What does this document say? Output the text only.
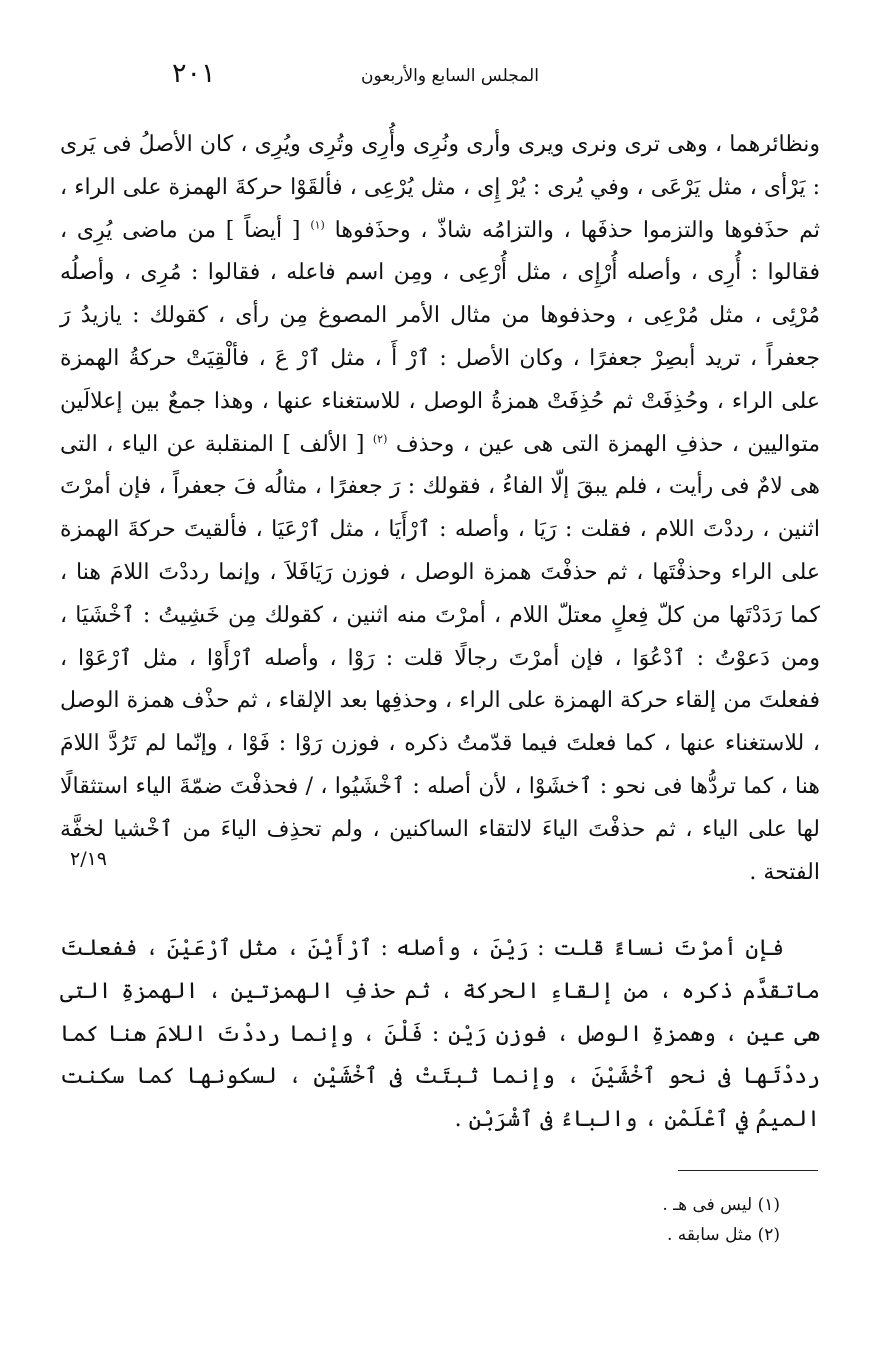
٢٠١	المجلس السابع والأربعون

ونظائرهما ، وهى ترى ونرى ويرى وأرى ونُرِى وأُرِى وتُرِى ويُرِى ، كان الأصلُ فى يَرى : يَرْأى ، مثل يَرْعَى ، وفي يُرى : يُرْ إِى ، مثل يُرْعِى ، فألقَوْا حركةَ الهمزة على الراء ، ثم حذَفوها والتزموا حذفَها ، والتزامُه شاذّ ، وحذَفوها $^{(١)}$ [ أيضاً ] من ماضى يُرِى ، فقالوا : أُرِى ، وأصله أُرْإِى ، مثل أُرْعِى ، ومِن اسم فاعله ، فقالوا : مُرِى ، وأصلُه مُرْئِى ، مثل مُرْعِى ، وحذفوها من مثال الأمر المصوغ مِن رأى ، كقولك : يازيدُ رَ جعفراً ، تريد أبصِرْ جعفرًا ، وكان الأصل : ٱرْ أَ ، مثل ٱرْ عَ ، فألْقِيَتْ حركةُ الهمزة على الراء ، وحُذِفَتْ ثم حُذِفَتْ همزةُ الوصل ، للاستغناء عنها ، وهذا جمعٌ بين إعلالَين متواليين ، حذفِ الهمزة التى هى عين ، وحذف $^{(٢)}$ [ الألف ] المنقلبة عن الياء ، التى هى لامٌ فى رأيت ، فلم يبقَ إلّا الفاءُ ، فقولك : رَ جعفرًا ، مثالُه فَ جعفراً ، فإن أمرْتَ اثنين ، رددْتَ اللام ، فقلت : رَيَا ، وأصله : ٱرْأَيَا ، مثل ٱرْعَيَا ، فألقيتَ حركةَ الهمزة على الراء وحذفْتَها ، ثم حذفْتَ همزة الوصل ، فوزن رَيَافَلاَ ، وإنما رددْتَ اللامَ هنا ، كما رَدَدْتَها من كلّ فِعلٍ معتلّ اللام ، أمرْتَ منه اثنين ، كقولك مِن خَشِيتُ : ٱخْشَيَا ، ومن دَعوْتُ : ٱدْعُوَا ، فإن أمرْتَ رجالًا قلت : رَوْا ، وأصله ٱرْأَوْا ، مثل ٱرْعَوْا ، ففعلتَ من إلقاء حركة الهمزة على الراء ، وحذفِها بعد الإلقاء ، ثم حذْف همزة الوصل ، للاستغناء عنها ، كما فعلتَ فيما قدّمتُ ذكره ، فوزن رَوْا : فَوْا ، وإنّما لم تَرُدَّ اللامَ هنا ، كما تردُّها فى نحو : ٱخشَوْا ، لأن أصله : ٱخْشَيُوا ، / فحذفْتَ ضمّةَ الياء استثقالًا لها على الياء ، ثم حذفْتَ الياءَ لالتقاء الساكنين ، ولم تحذِف الياءَ من ٱخْشيا لخفَّة الفتحة .

٢/١٩

فإن أمرْتَ نساءً قلت : رَيْنَ ، وأصله : ٱرْأَيْنَ ، مثل ٱرْعَيْنَ ، ففعلتَ ماتقدَّم ذكره ، من إلقاءِ الحركة ، ثم حذفِ الهمزتين ، الهمزةِ التى هى عين ، وهمزةِ الوصل ، فوزن رَيْن : فَلْنَ ، وإنما رددْتَ اللامَ هنا كما رددْتَها فى نحو ٱخْشَيْنَ ، وإنما ثبتَتْ فى ٱخْشَيْن ، لسكونها كما سكنت الميمُ في ٱعْلَمْن ، والباءُ فى ٱشْرَبْن .

(١) ليس فى هـ .

(٢) مثل سابقه .
